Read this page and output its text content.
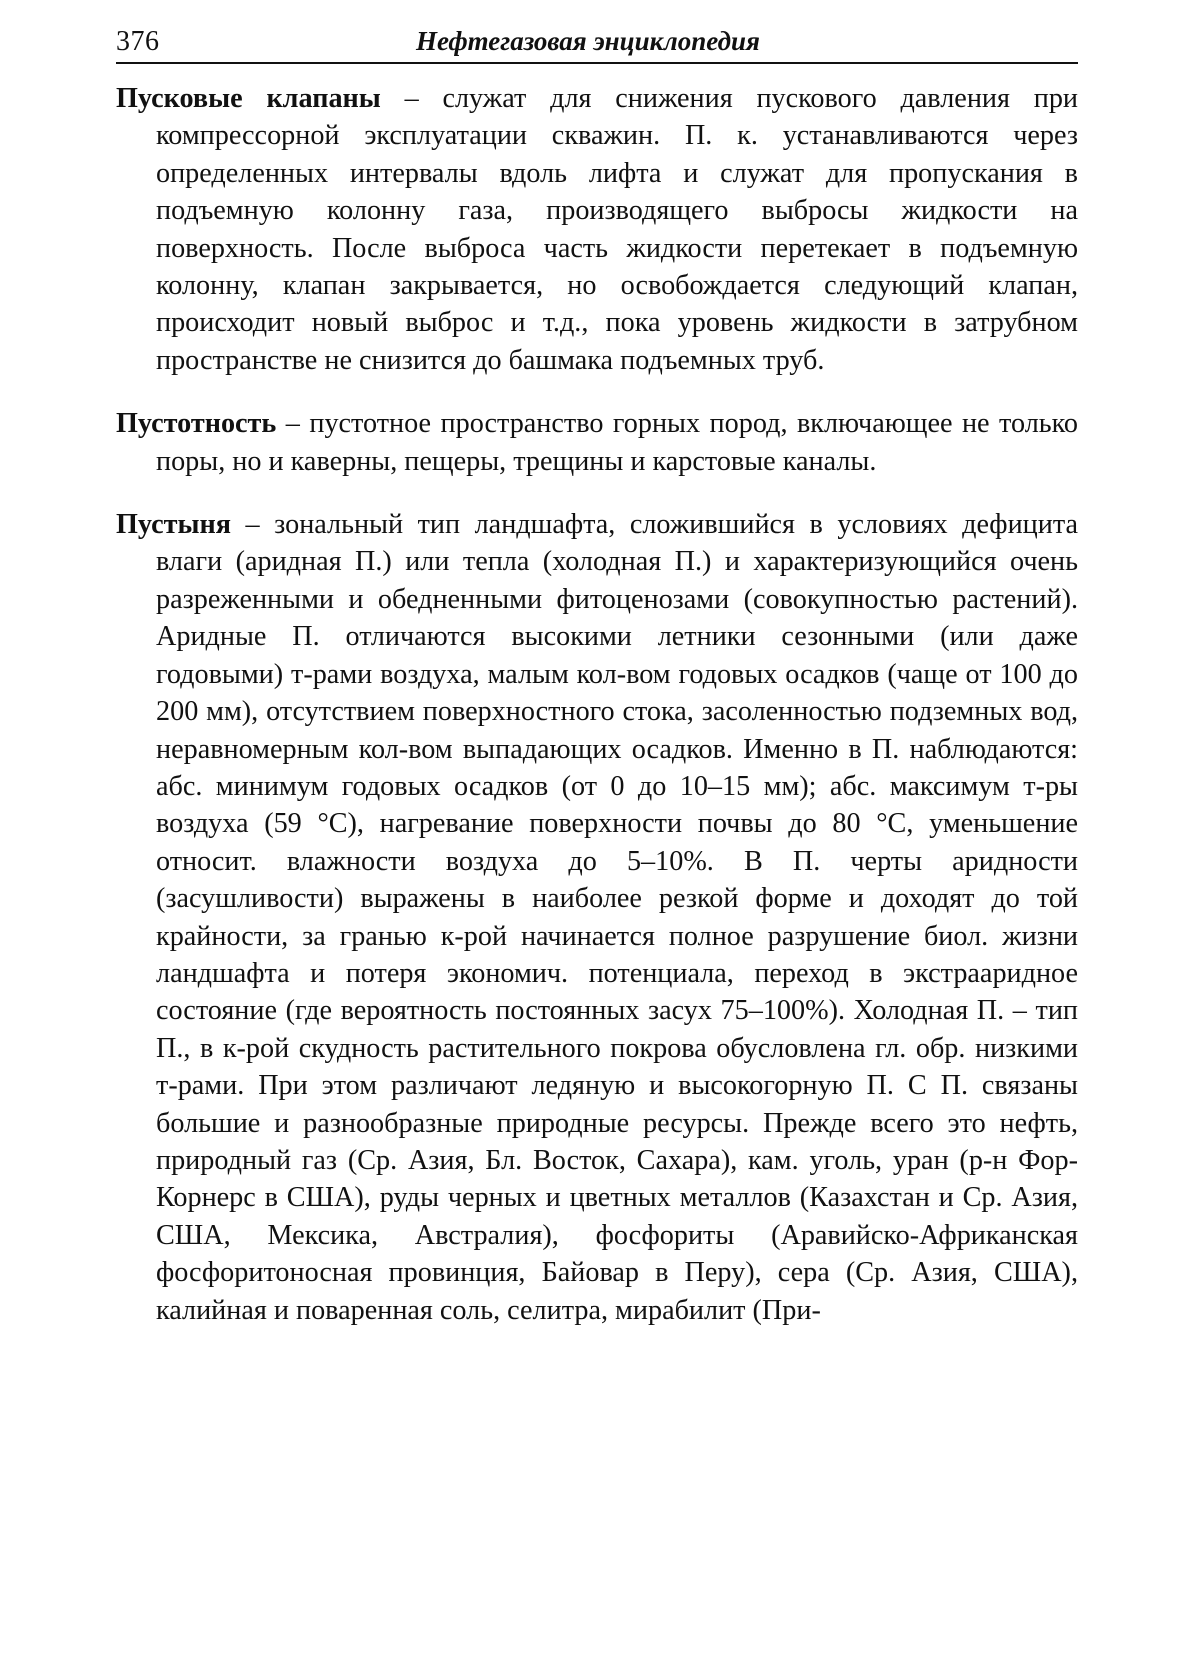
376	Нефтегазовая энциклопедия

Пусковые клапаны – служат для снижения пускового давления при компрессорной эксплуатации скважин. П. к. устанавливаются через определенных интервалы вдоль лифта и служат для пропускания в подъемную колонну газа, производящего выбросы жидкости на поверхность. После выброса часть жидкости перетекает в подъемную колонну, клапан закрывается, но освобождается следующий клапан, происходит новый выброс и т.д., пока уровень жидкости в затрубном пространстве не снизится до башмака подъемных труб.

Пустотность – пустотное пространство горных пород, включающее не только поры, но и каверны, пещеры, трещины и карстовые каналы.

Пустыня – зональный тип ландшафта, сложившийся в условиях дефицита влаги (аридная П.) или тепла (холодная П.) и характеризующийся очень разреженными и обедненными фитоценозами (совокупностью растений). Аридные П. отличаются высокими летники сезонными (или даже годовыми) т-рами воздуха, малым кол-вом годовых осадков (чаще от 100 до 200 мм), отсутствием поверхностного стока, засоленностью подземных вод, неравномерным кол-вом выпадающих осадков. Именно в П. наблюдаются: абс. минимум годовых осадков (от 0 до 10–15 мм); абс. максимум т-ры воздуха (59 °С), нагревание поверхности почвы до 80 °С, уменьшение относит. влажности воздуха до 5–10%. В П. черты аридности (засушливости) выражены в наиболее резкой форме и доходят до той крайности, за гранью к-рой начинается полное разрушение биол. жизни ландшафта и потеря экономич. потенциала, переход в экстрааридное состояние (где вероятность постоянных засух 75–100%). Холодная П. – тип П., в к-рой скудность растительного покрова обусловлена гл. обр. низкими т-рами. При этом различают ледяную и высокогорную П. С П. связаны большие и разнообразные природные ресурсы. Прежде всего это нефть, природный газ (Ср. Азия, Бл. Восток, Сахара), кам. уголь, уран (р-н Фор-Корнерс в США), руды черных и цветных металлов (Казахстан и Ср. Азия, США, Мексика, Австралия), фосфориты (Аравийско-Африканская фосфоритоносная провинция, Байовар в Перу), сера (Ср. Азия, США), калийная и поваренная соль, селитра, мирабилит (При-
